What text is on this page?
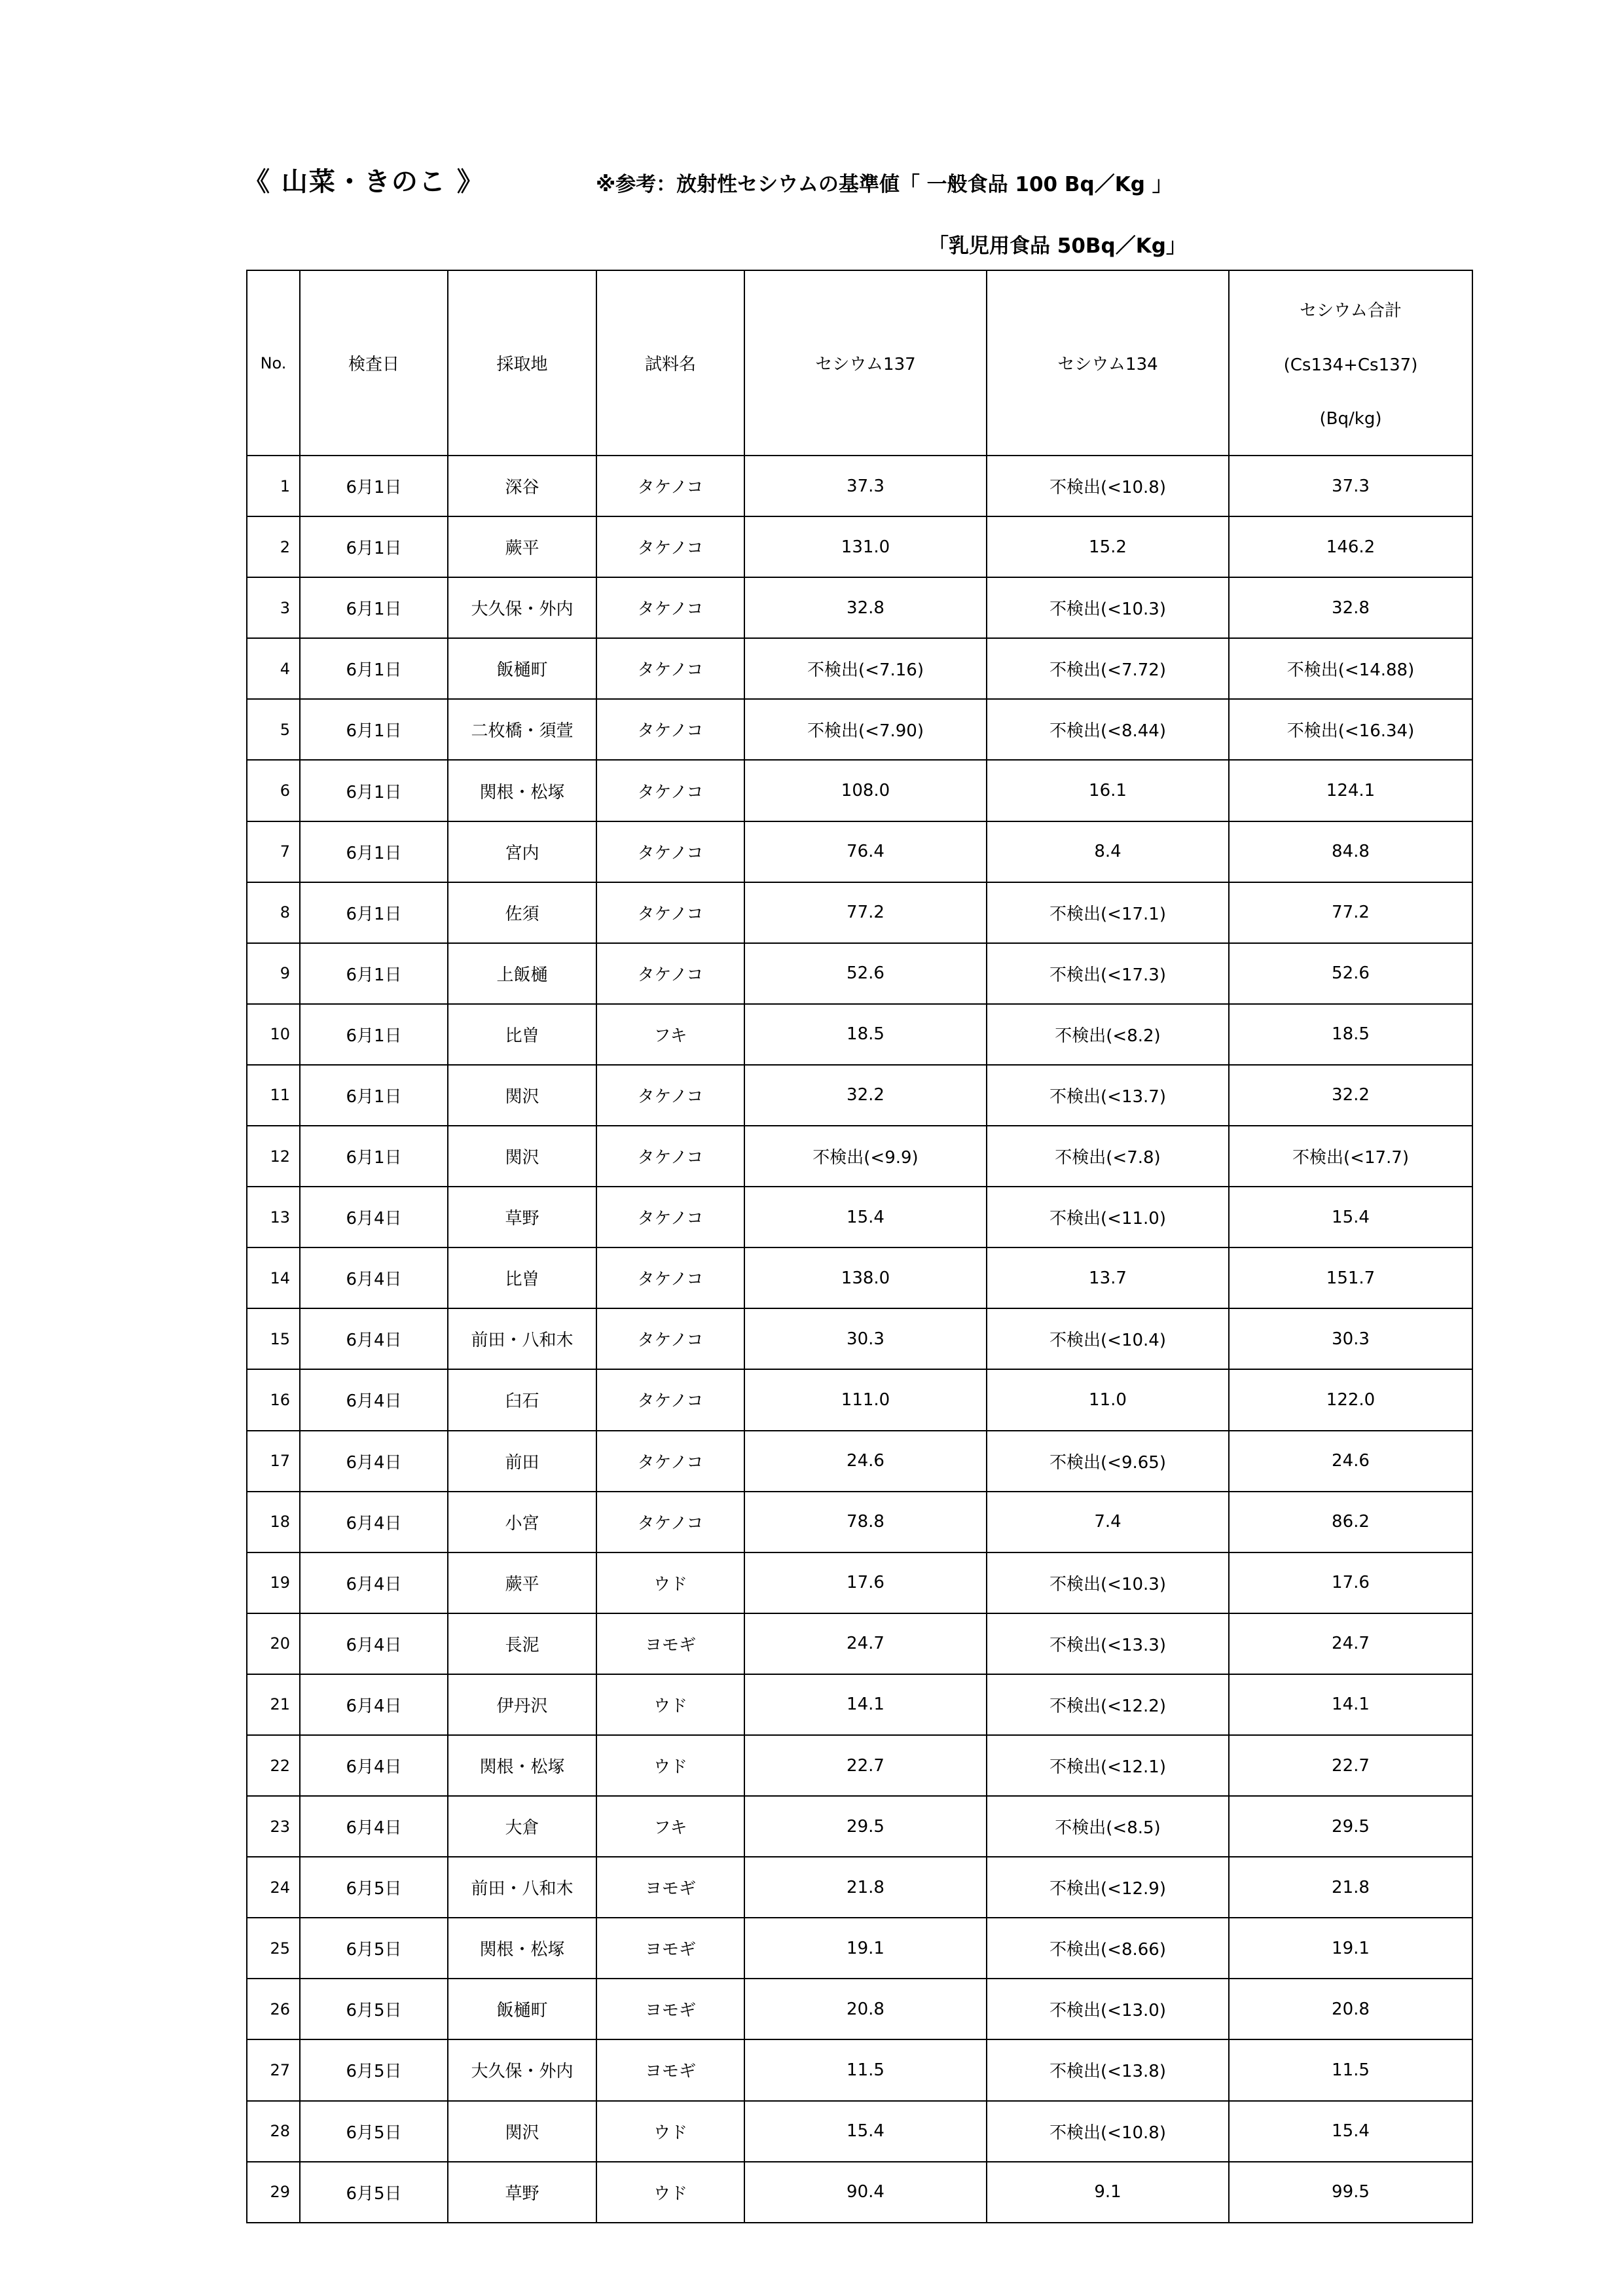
《 山菜・きのこ 》	※参考：放射性セシウムの基準値「 一般食品 100 Bq／Kg 」
「乳児用食品 50Bq／Kg」
No.	検査日	採取地	試料名	セシウム137	セシウム134	セシウム合計
(Cs134+Cs137)
(Bq/kg)

1	6月1日	深谷	タケノコ	37.3	不検出(<10.8)	37.3
2	6月1日	蕨平	タケノコ	131.0	15.2	146.2
3	6月1日	大久保・外内	タケノコ	32.8	不検出(<10.3)	32.8
4	6月1日	飯樋町	タケノコ	不検出(<7.16)	不検出(<7.72)	不検出(<14.88)
5	6月1日	二枚橋・須萱	タケノコ	不検出(<7.90)	不検出(<8.44)	不検出(<16.34)
6	6月1日	関根・松塚	タケノコ	108.0	16.1	124.1
7	6月1日	宮内	タケノコ	76.4	8.4	84.8
8	6月1日	佐須	タケノコ	77.2	不検出(<17.1)	77.2
9	6月1日	上飯樋	タケノコ	52.6	不検出(<17.3)	52.6
10	6月1日	比曽	フキ	18.5	不検出(<8.2)	18.5
11	6月1日	関沢	タケノコ	32.2	不検出(<13.7)	32.2
12	6月1日	関沢	タケノコ	不検出(<9.9)	不検出(<7.8)	不検出(<17.7)
13	6月4日	草野	タケノコ	15.4	不検出(<11.0)	15.4
14	6月4日	比曽	タケノコ	138.0	13.7	151.7
15	6月4日	前田・八和木	タケノコ	30.3	不検出(<10.4)	30.3
16	6月4日	臼石	タケノコ	111.0	11.0	122.0
17	6月4日	前田	タケノコ	24.6	不検出(<9.65)	24.6
18	6月4日	小宮	タケノコ	78.8	7.4	86.2
19	6月4日	蕨平	ウド	17.6	不検出(<10.3)	17.6
20	6月4日	長泥	ヨモギ	24.7	不検出(<13.3)	24.7
21	6月4日	伊丹沢	ウド	14.1	不検出(<12.2)	14.1
22	6月4日	関根・松塚	ウド	22.7	不検出(<12.1)	22.7
23	6月4日	大倉	フキ	29.5	不検出(<8.5)	29.5
24	6月5日	前田・八和木	ヨモギ	21.8	不検出(<12.9)	21.8
25	6月5日	関根・松塚	ヨモギ	19.1	不検出(<8.66)	19.1
26	6月5日	飯樋町	ヨモギ	20.8	不検出(<13.0)	20.8
27	6月5日	大久保・外内	ヨモギ	11.5	不検出(<13.8)	11.5
28	6月5日	関沢	ウド	15.4	不検出(<10.8)	15.4
29	6月5日	草野	ウド	90.4	9.1	99.5
